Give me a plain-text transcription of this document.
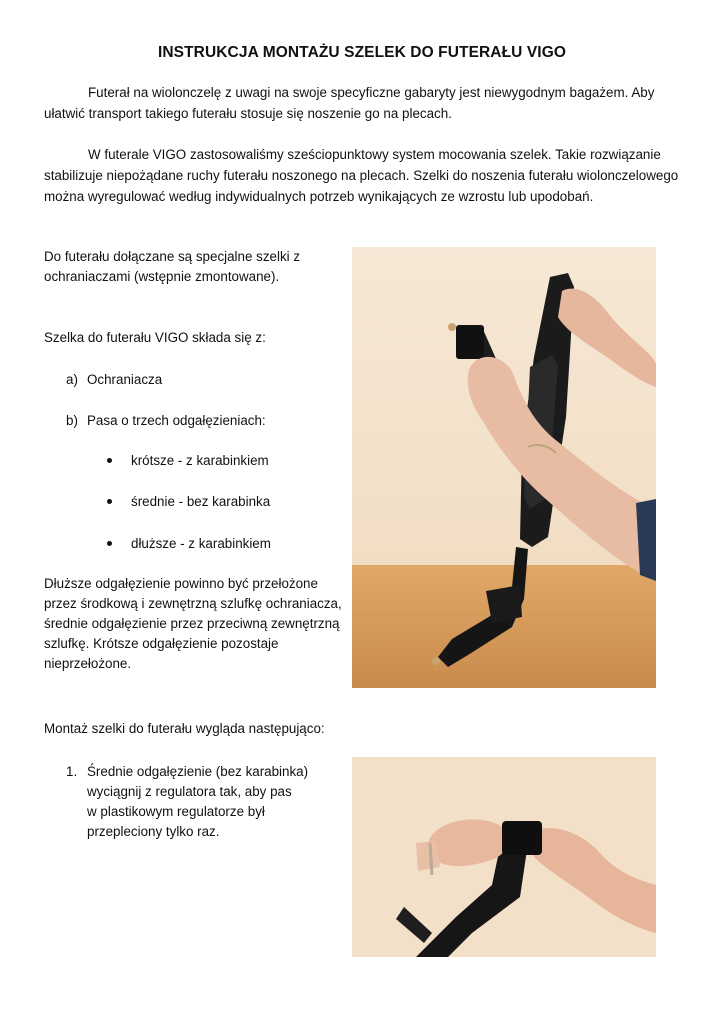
INSTRUKCJA MONTAŻU SZELEK DO FUTERAŁU VIGO
Futerał na wiolonczelę z uwagi na swoje specyficzne gabaryty jest niewygodnym bagażem. Aby
ułatwić transport takiego futerału stosuje się noszenie go na plecach.
W futerale VIGO zastosowaliśmy sześciopunktowy system mocowania szelek. Takie rozwiązanie
stabilizuje niepożądane ruchy futerału noszonego na plecach. Szelki do noszenia futerału wiolonczelowego
można wyregulować według indywidualnych potrzeb wynikających ze wzrostu lub upodobań.
Do futerału dołączane są specjalne szelki z
ochraniaczami (wstępnie zmontowane).
Szelka do futerału VIGO składa się z:
a) Ochraniacza
b) Pasa o trzech odgałęzieniach:
krótsze - z karabinkiem
średnie - bez karabinka
dłuższe - z karabinkiem
Dłuższe odgałęzienie powinno być przełożone
przez środkową i zewnętrzną szlufkę ochraniacza,
średnie odgałęzienie przez przeciwną zewnętrzną
szlufkę. Krótsze odgałęzienie pozostaje
nieprzełożone.
Montaż szelki do futerału wygląda następująco:
1. Średnie odgałęzienie (bez karabinka)
wyciągnij z regulatora tak, aby pas
w plastikowym regulatorze był
przepleciony tylko raz.
